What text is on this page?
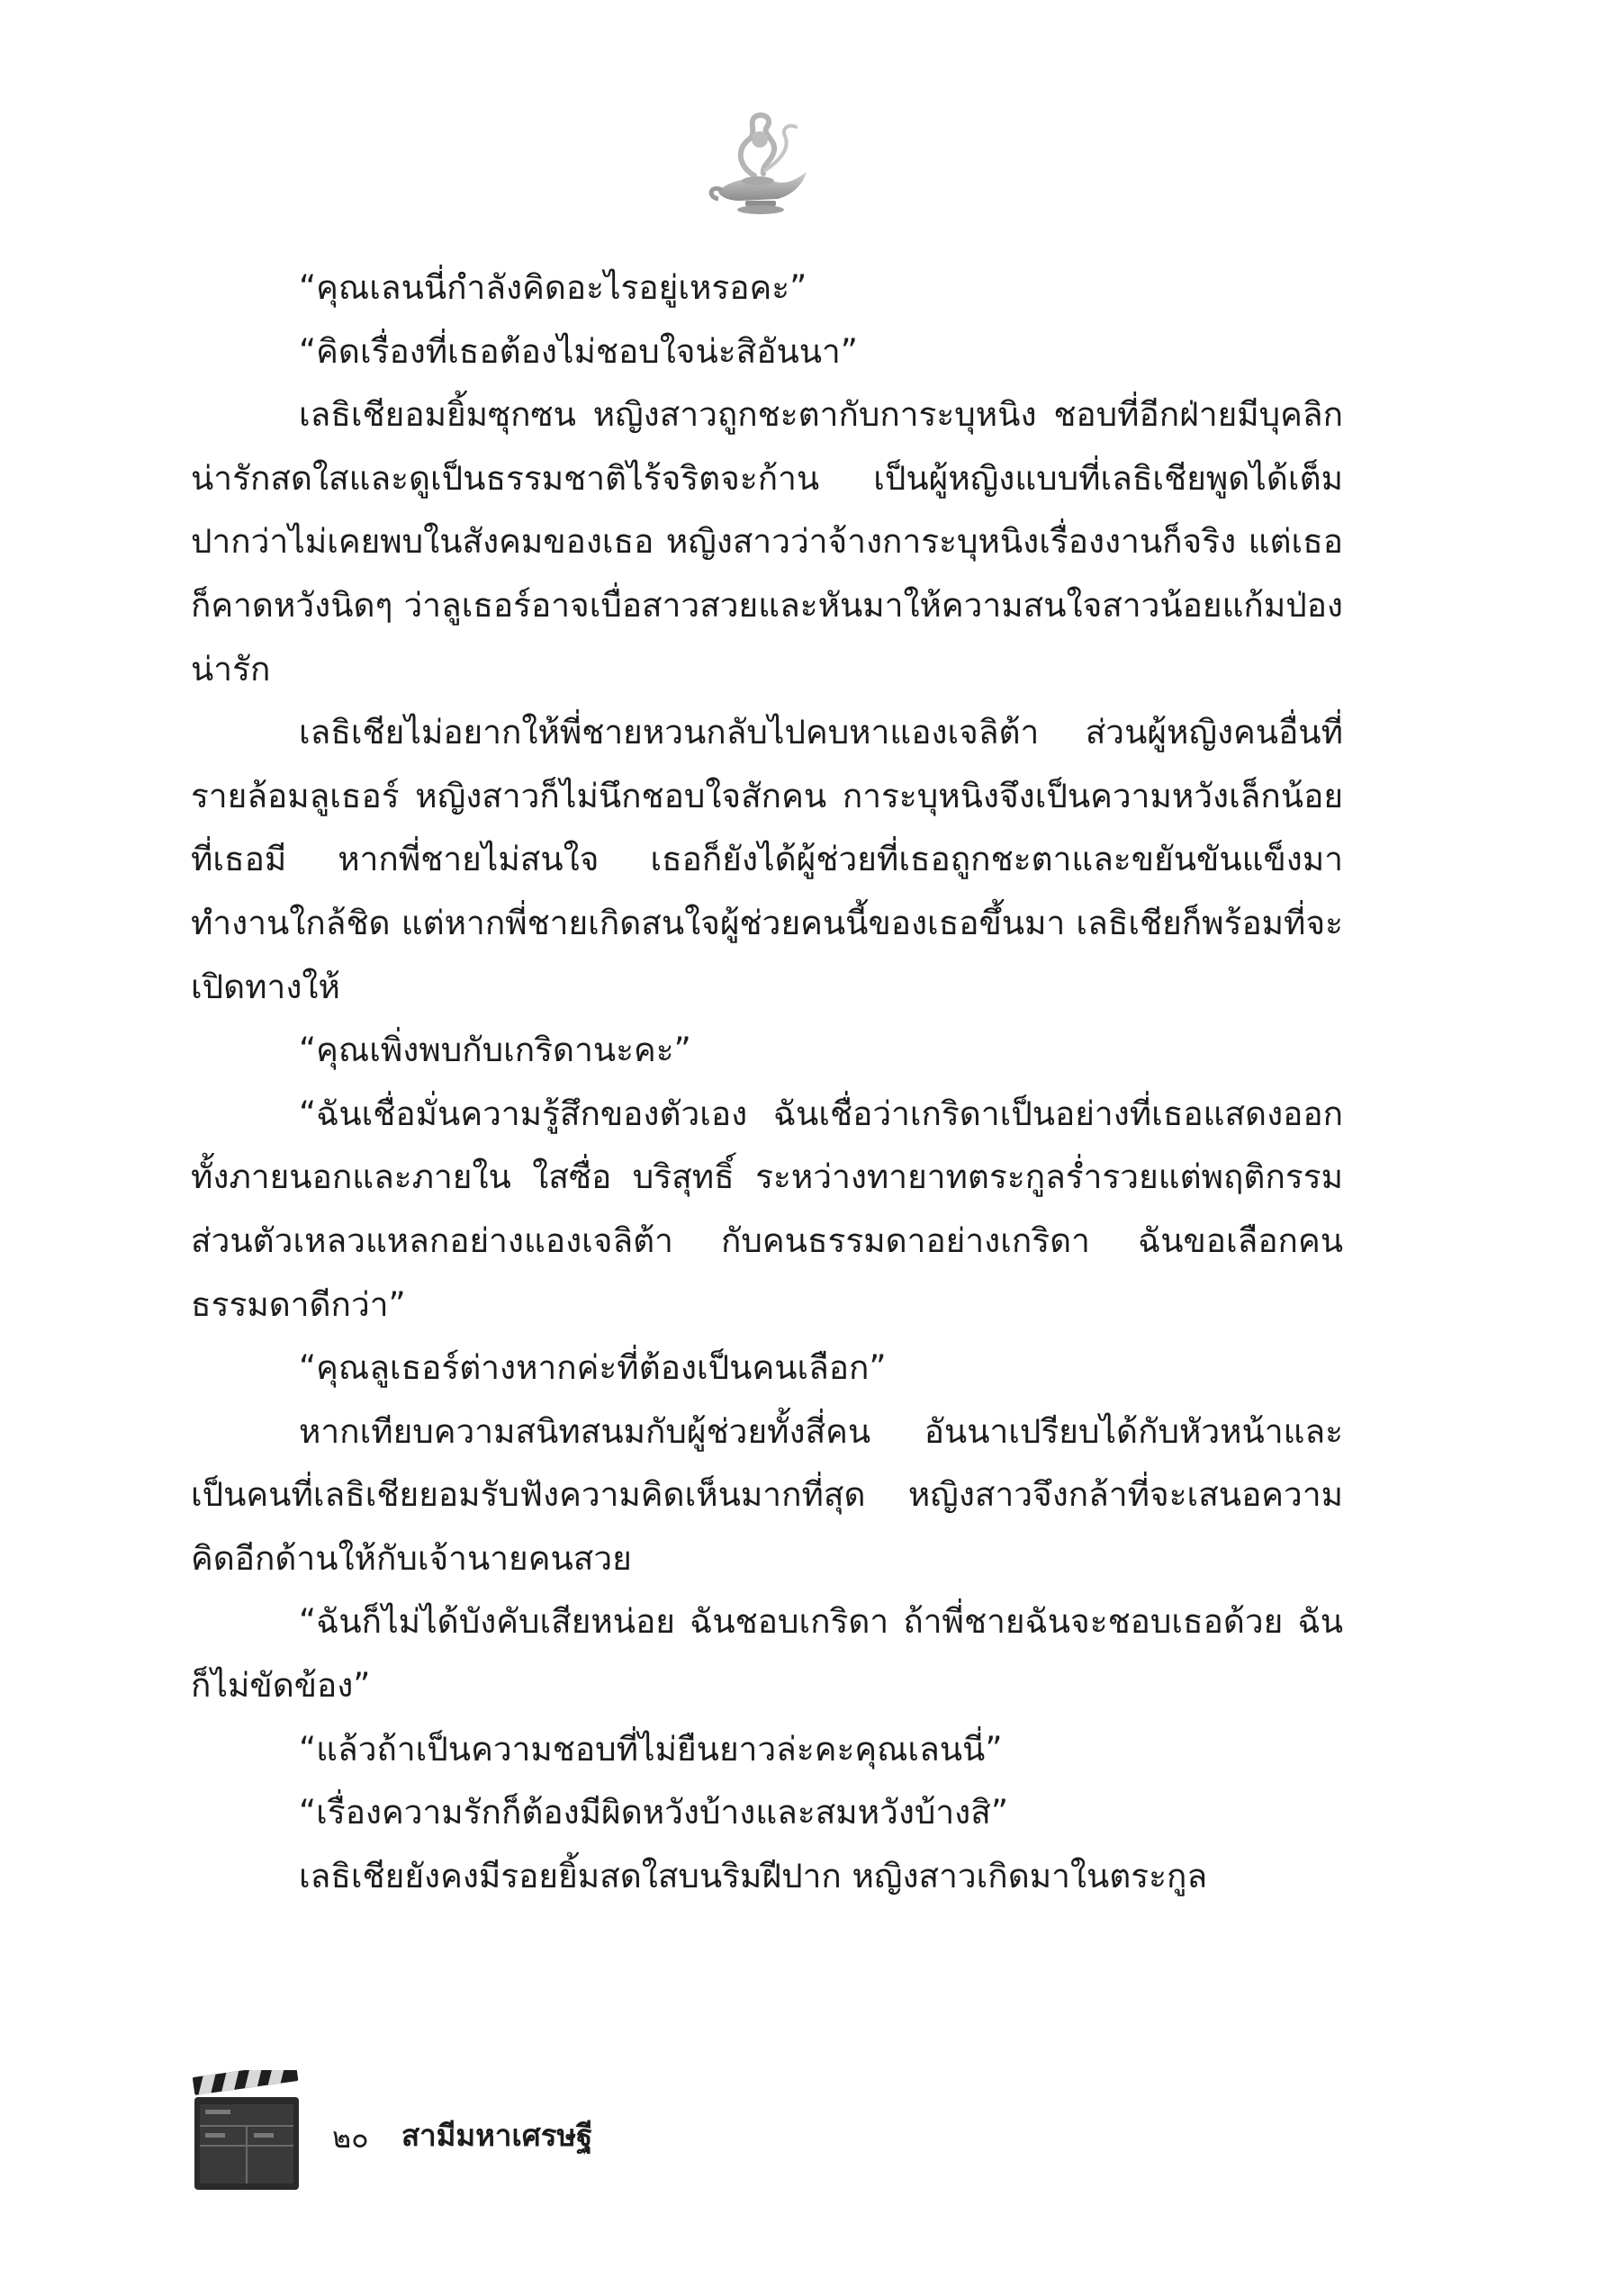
“คุณเลนนี่กำลังคิดอะไรอยู่เหรอคะ”

“คิดเรื่องที่เธอต้องไม่ชอบใจน่ะสิอันนา”

เลธิเชียอมยิ้มซุกซน หญิงสาวถูกชะตากับการะบุหนิง ชอบที่อีกฝ่ายมีบุคลิกน่ารักสดใสและดูเป็นธรรมชาติไร้จริตจะก้าน เป็นผู้หญิงแบบที่เลธิเชียพูดได้เต็มปากว่าไม่เคยพบในสังคมของเธอ หญิงสาวว่าจ้างการะบุหนิงเรื่องงานก็จริง แต่เธอก็คาดหวังนิดๆ ว่าลูเธอร์อาจเบื่อสาวสวยและหันมาให้ความสนใจสาวน้อยแก้มป่องน่ารัก

เลธิเชียไม่อยากให้พี่ชายหวนกลับไปคบหาแองเจลิต้า ส่วนผู้หญิงคนอื่นที่รายล้อมลูเธอร์ หญิงสาวก็ไม่นึกชอบใจสักคน การะบุหนิงจึงเป็นความหวังเล็กน้อยที่เธอมี หากพี่ชายไม่สนใจ เธอก็ยังได้ผู้ช่วยที่เธอถูกชะตาและขยันขันแข็งมาทำงานใกล้ชิด แต่หากพี่ชายเกิดสนใจผู้ช่วยคนนี้ของเธอขึ้นมา เลธิเชียก็พร้อมที่จะเปิดทางให้

“คุณเพิ่งพบกับเกริดานะคะ”

“ฉันเชื่อมั่นความรู้สึกของตัวเอง ฉันเชื่อว่าเกริดาเป็นอย่างที่เธอแสดงออกทั้งภายนอกและภายใน ใสซื่อ บริสุทธิ์ ระหว่างทายาทตระกูลร่ำรวยแต่พฤติกรรมส่วนตัวเหลวแหลกอย่างแองเจลิต้า กับคนธรรมดาอย่างเกริดา ฉันขอเลือกคนธรรมดาดีกว่า”

“คุณลูเธอร์ต่างหากค่ะที่ต้องเป็นคนเลือก”

หากเทียบความสนิทสนมกับผู้ช่วยทั้งสี่คน อันนาเปรียบได้กับหัวหน้าและเป็นคนที่เลธิเชียยอมรับฟังความคิดเห็นมากที่สุด หญิงสาวจึงกล้าที่จะเสนอความคิดอีกด้านให้กับเจ้านายคนสวย

“ฉันก็ไม่ได้บังคับเสียหน่อย ฉันชอบเกริดา ถ้าพี่ชายฉันจะชอบเธอด้วย ฉันก็ไม่ขัดข้อง”

“แล้วถ้าเป็นความชอบที่ไม่ยืนยาวล่ะคะคุณเลนนี่”

“เรื่องความรักก็ต้องมีผิดหวังบ้างและสมหวังบ้างสิ”

เลธิเชียยังคงมีรอยยิ้มสดใสบนริมฝีปาก หญิงสาวเกิดมาในตระกูล

๒๐ สามีมหาเศรษฐี
